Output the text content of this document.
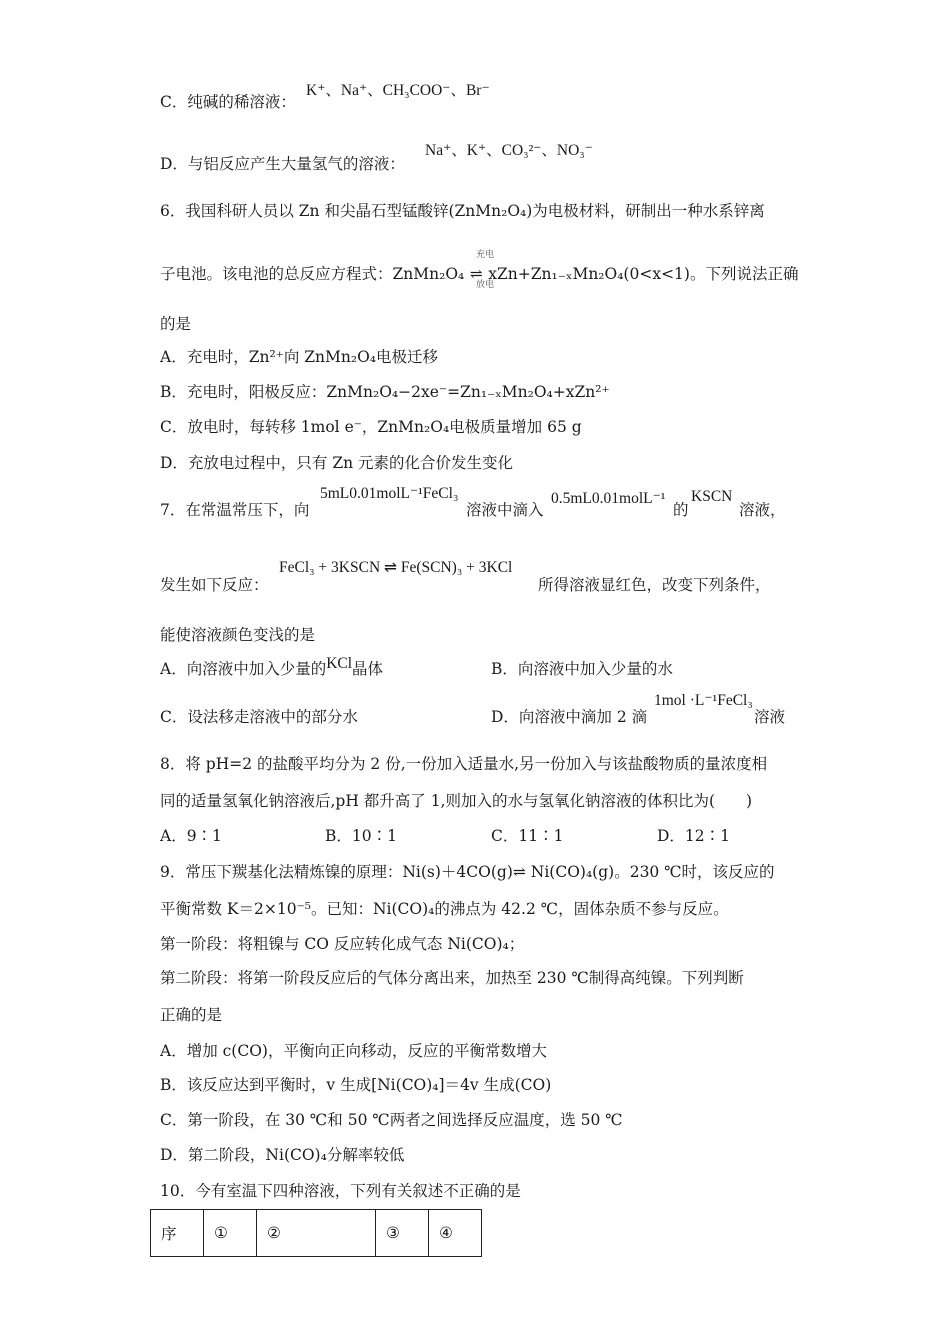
C．纯碱的稀溶液：
K⁺、Na⁺、CH₃COO⁻、Br⁻
D．与铝反应产生大量氢气的溶液：
Na⁺、K⁺、CO₃²⁻、NO₃⁻
6．我国科研人员以 Zn 和尖晶石型锰酸锌(ZnMn₂O₄)为电极材料，研制出一种水系锌离
子电池。该电池的总反应方程式：ZnMn₂O₄ ⇌ xZn+Zn₁₋ₓMn₂O₄(0<x<1)。下列说法正确
充电
放电
的是
A．充电时，Zn²⁺向 ZnMn₂O₄电极迁移
B．充电时，阳极反应：ZnMn₂O₄−2xe⁻=Zn₁₋ₓMn₂O₄+xZn²⁺
C．放电时，每转移 1mol e⁻，ZnMn₂O₄电极质量增加 65 g
D．充放电过程中，只有 Zn 元素的化合价发生变化
7．在常温常压下，向
5mL0.01molL⁻¹FeCl₃
溶液中滴入
0.5mL0.01molL⁻¹
的
KSCN
溶液，
发生如下反应：
FeCl₃ + 3KSCN ⇌ Fe(SCN)₃ + 3KCl
所得溶液显红色，改变下列条件，
能使溶液颜色变浅的是
A．向溶液中加入少量的KCl晶体	B．向溶液中加入少量的水
C．设法移走溶液中的部分水	D．向溶液中滴加 2 滴
1mol ·L⁻¹FeCl₃
溶液
8．将 pH=2 的盐酸平均分为 2 份,一份加入适量水,另一份加入与该盐酸物质的量浓度相
同的适量氢氧化钠溶液后,pH 都升高了 1,则加入的水与氢氧化钠溶液的体积比为(　　)
A．9∶1	B．10∶1	C．11∶1	D．12∶1
9．常压下羰基化法精炼镍的原理：Ni(s)＋4CO(g)⇌ Ni(CO)₄(g)。230 ℃时，该反应的
平衡常数 K＝2×10⁻⁵。已知：Ni(CO)₄的沸点为 42.2 ℃，固体杂质不参与反应。
第一阶段：将粗镍与 CO 反应转化成气态 Ni(CO)₄；
第二阶段：将第一阶段反应后的气体分离出来，加热至 230 ℃制得高纯镍。下列判断
正确的是
A．增加 c(CO)，平衡向正向移动，反应的平衡常数增大
B．该反应达到平衡时，v 生成[Ni(CO)₄]＝4v 生成(CO)
C．第一阶段，在 30 ℃和 50 ℃两者之间选择反应温度，选 50 ℃
D．第二阶段，Ni(CO)₄分解率较低
10．今有室温下四种溶液，下列有关叙述不正确的是
序	①	②	③	④
